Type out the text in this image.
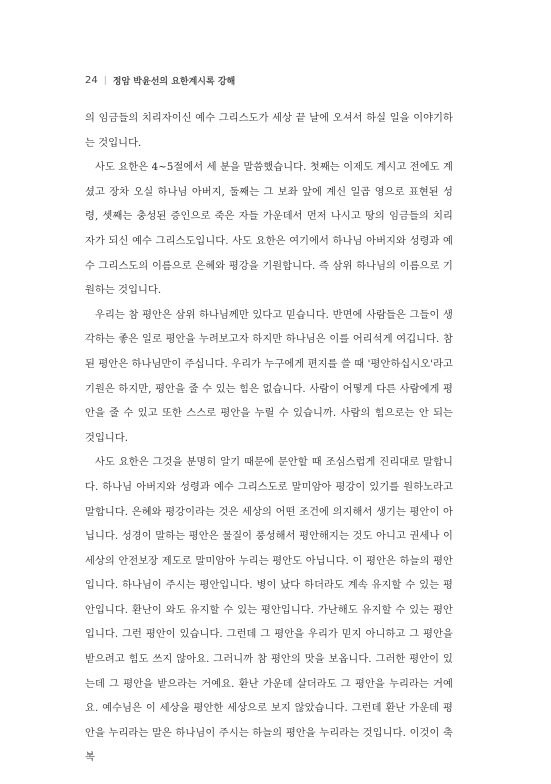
24 | 정암 박윤선의 요한계시록 강해

의 임금들의 치리자이신 예수 그리스도가 세상 끝 날에 오셔서 하실 일을 이야기하는 것입니다.

사도 요한은 4~5절에서 세 분을 말씀했습니다. 첫째는 이제도 계시고 전에도 계셨고 장차 오실 하나님 아버지, 둘째는 그 보좌 앞에 계신 일곱 영으로 표현된 성령, 셋째는 충성된 증인으로 죽은 자들 가운데서 먼저 나시고 땅의 임금들의 치리자가 되신 예수 그리스도입니다. 사도 요한은 여기에서 하나님 아버지와 성령과 예수 그리스도의 이름으로 은혜와 평강을 기원합니다. 즉 삼위 하나님의 이름으로 기원하는 것입니다.

우리는 참 평안은 삼위 하나님께만 있다고 믿습니다. 반면에 사람들은 그들이 생각하는 좋은 일로 평안을 누려보고자 하지만 하나님은 이를 어리석게 여깁니다. 참된 평안은 하나님만이 주십니다. 우리가 누구에게 편지를 쓸 때 '평안하십시오'라고 기원은 하지만, 평안을 줄 수 있는 힘은 없습니다. 사람이 어떻게 다른 사람에게 평안을 줄 수 있고 또한 스스로 평안을 누릴 수 있습니까. 사람의 힘으로는 안 되는 것입니다.

사도 요한은 그것을 분명히 알기 때문에 문안할 때 조심스럽게 진리대로 말합니다. 하나님 아버지와 성령과 예수 그리스도로 말미암아 평강이 있기를 원하노라고 말합니다. 은혜와 평강이라는 것은 세상의 어떤 조건에 의지해서 생기는 평안이 아닙니다. 성경이 말하는 평안은 물질이 풍성해서 평안해지는 것도 아니고 권세나 이 세상의 안전보장 제도로 말미암아 누리는 평안도 아닙니다. 이 평안은 하늘의 평안입니다. 하나님이 주시는 평안입니다. 병이 났다 하더라도 계속 유지할 수 있는 평안입니다. 환난이 와도 유지할 수 있는 평안입니다. 가난해도 유지할 수 있는 평안입니다. 그런 평안이 있습니다. 그런데 그 평안을 우리가 믿지 아니하고 그 평안을 받으려고 힘도 쓰지 않아요. 그러니까 참 평안의 맛을 보옵니다. 그러한 평안이 있는데 그 평안을 받으라는 거예요. 환난 가운데 살더라도 그 평안을 누리라는 거예요. 예수님은 이 세상을 평안한 세상으로 보지 않았습니다. 그런데 환난 가운데 평안을 누리라는 말은 하나님이 주시는 하늘의 평안을 누리라는 것입니다. 이것이 축복
